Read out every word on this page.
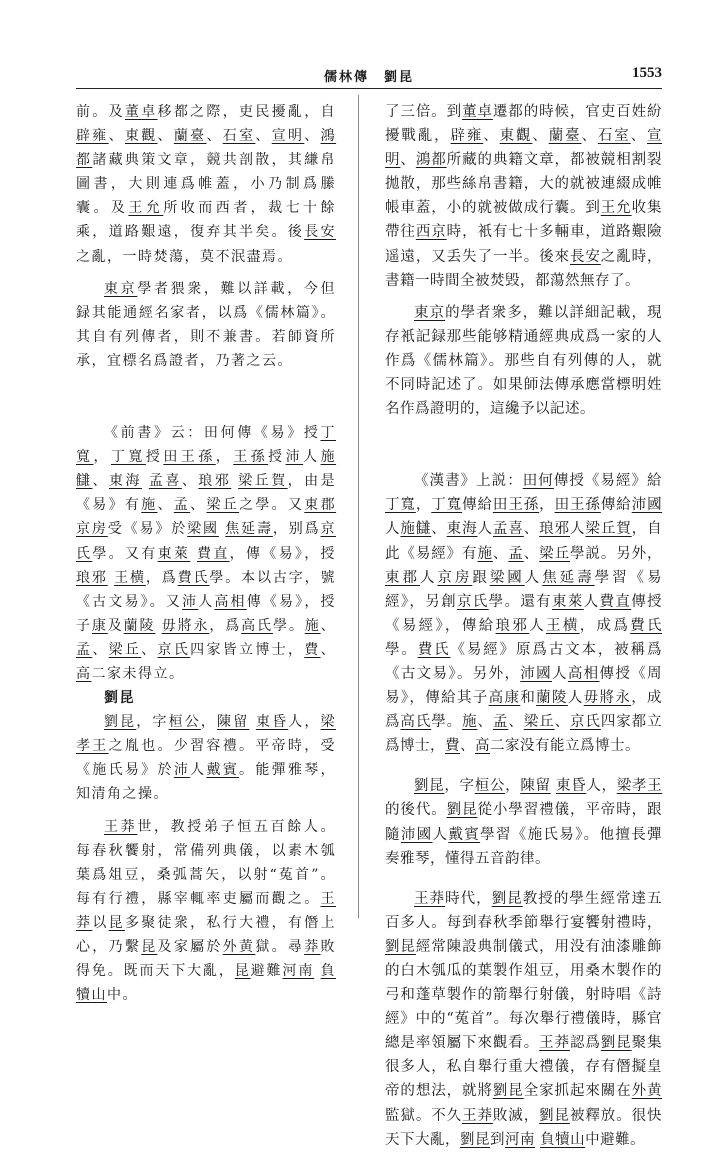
儒林傳　劉昆	1553

前。及董卓移都之際，吏民擾亂，自辟雍、東觀、蘭臺、石室、宣明、鴻都諸藏典策文章，競共剖散，其縑帛圖書，大則連爲帷蓋，小乃制爲縢囊。及王允所收而西者，裁七十餘乘，道路艱遠，復弃其半矣。後長安之亂，一時焚蕩，莫不泯盡焉。

東京學者猥衆，難以詳載，今但録其能通經名家者，以爲《儒林篇》。其自有列傳者，則不兼書。若師資所承，宜標名爲證者，乃著之云。

《前書》云：田何傳《易》授丁寬，丁寬授田王孫，王孫授沛人施讎、東海 孟喜、琅邪 梁丘賀，由是《易》有施、孟、梁丘之學。又東郡 京房受《易》於梁國 焦延壽，别爲京氏學。又有東萊 費直，傳《易》，授琅邪 王横，爲費氏學。本以古字，號《古文易》。又沛人高相傳《易》，授子康及蘭陵 毋將永，爲高氏學。施、孟、梁丘、京氏四家皆立博士，費、高二家未得立。

劉昆

劉昆，字桓公，陳留 東昏人，梁孝王之胤也。少習容禮。平帝時，受《施氏易》於沛人戴賓。能彈雅琴，知清角之操。

王莽世，教授弟子恒五百餘人。每春秋饗射，常備列典儀，以素木瓠葉爲俎豆，桑弧蒿矢，以射“菟首”。每有行禮，縣宰輒率吏屬而觀之。王莽以昆多聚徒衆，私行大禮，有僭上心，乃繫昆及家屬於外黄獄。尋莽敗得免。既而天下大亂，昆避難河南 負犢山中。

了三倍。到董卓遷都的時候，官吏百姓紛擾戰亂，辟雍、東觀、蘭臺、石室、宣明、鴻都所藏的典籍文章，都被競相割裂拋散，那些絲帛書籍，大的就被連綴成帷帳車蓋，小的就被做成行囊。到王允收集帶往西京時，衹有七十多輛車，道路艱險遥遠，又丢失了一半。後來長安之亂時，書籍一時間全被焚毁，都蕩然無存了。

東京的學者衆多，難以詳細記載，現存衹記録那些能够精通經典成爲一家的人作爲《儒林篇》。那些自有列傳的人，就不同時記述了。如果師法傳承應當標明姓名作爲證明的，這纔予以記述。

《漢書》上説：田何傳授《易經》給丁寬，丁寬傳給田王孫，田王孫傳給沛國人施讎、東海人孟喜、琅邪人梁丘賀，自此《易經》有施、孟、梁丘學説。另外，東郡人京房跟梁國人焦延壽學習《易經》，另創京氏學。還有東萊人費直傳授《易經》，傳給琅邪人王横，成爲費氏學。費氏《易經》原爲古文本，被稱爲《古文易》。另外，沛國人高相傳授《周易》，傳給其子高康和蘭陵人毋將永，成爲高氏學。施、孟、梁丘、京氏四家都立爲博士，費、高二家没有能立爲博士。

劉昆，字桓公，陳留 東昏人，梁孝王的後代。劉昆從小學習禮儀，平帝時，跟隨沛國人戴賓學習《施氏易》。他擅長彈奏雅琴，懂得五音韵律。

王莽時代，劉昆教授的學生經常達五百多人。每到春秋季節舉行宴饗射禮時，劉昆經常陳設典制儀式，用没有油漆雕飾的白木瓠瓜的葉製作俎豆，用桑木製作的弓和蓬草製作的箭舉行射儀，射時唱《詩經》中的“菟首”。每次舉行禮儀時，縣官總是率領屬下來觀看。王莽認爲劉昆聚集很多人，私自舉行重大禮儀，存有僭擬皇帝的想法，就將劉昆全家抓起來關在外黄監獄。不久王莽敗滅，劉昆被釋放。很快天下大亂，劉昆到河南 負犢山中避難。
